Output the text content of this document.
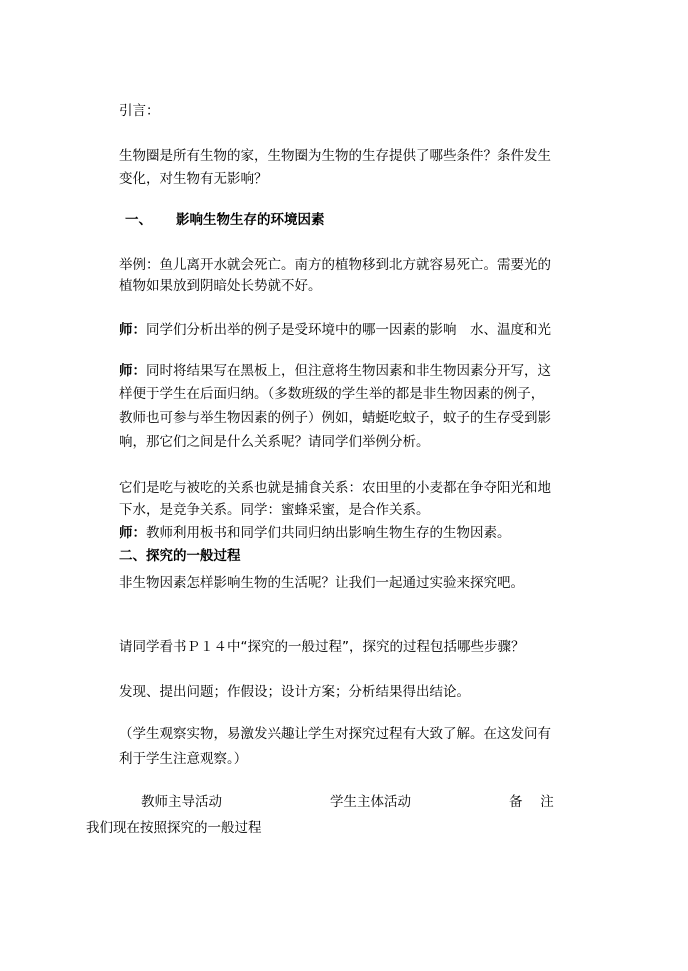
引言：
生物圈是所有生物的家，生物圈为生物的生存提供了哪些条件？条件发生
变化，对生物有无影响？
一、 影响生物生存的环境因素
举例：鱼儿离开水就会死亡。南方的植物移到北方就容易死亡。需要光的
植物如果放到阴暗处长势就不好。
师：同学们分析出举的例子是受环境中的哪一因素的影响　水、温度和光
师：同时将结果写在黑板上，但注意将生物因素和非生物因素分开写，这
样便于学生在后面归纳。（多数班级的学生举的都是非生物因素的例子，
教师也可参与举生物因素的例子）例如，蜻蜓吃蚊子，蚊子的生存受到影
响，那它们之间是什么关系呢？请同学们举例分析。
它们是吃与被吃的关系也就是捕食关系：农田里的小麦都在争夺阳光和地
下水，是竞争关系。同学：蜜蜂采蜜，是合作关系。
师：教师利用板书和同学们共同归纳出影响生物生存的生物因素。
二、探究的一般过程
非生物因素怎样影响生物的生活呢？让我们一起通过实验来探究吧。
请同学看书Ｐ１４中“探究的一般过程”，探究的过程包括哪些步骤？
发现、提出问题；作假设；设计方案；分析结果得出结论。
（学生观察实物，易激发兴趣让学生对探究过程有大致了解。在这发问有
利于学生注意观察。）
教师主导活动	学生主体活动	备　 注
我们现在按照探究的一般过程
